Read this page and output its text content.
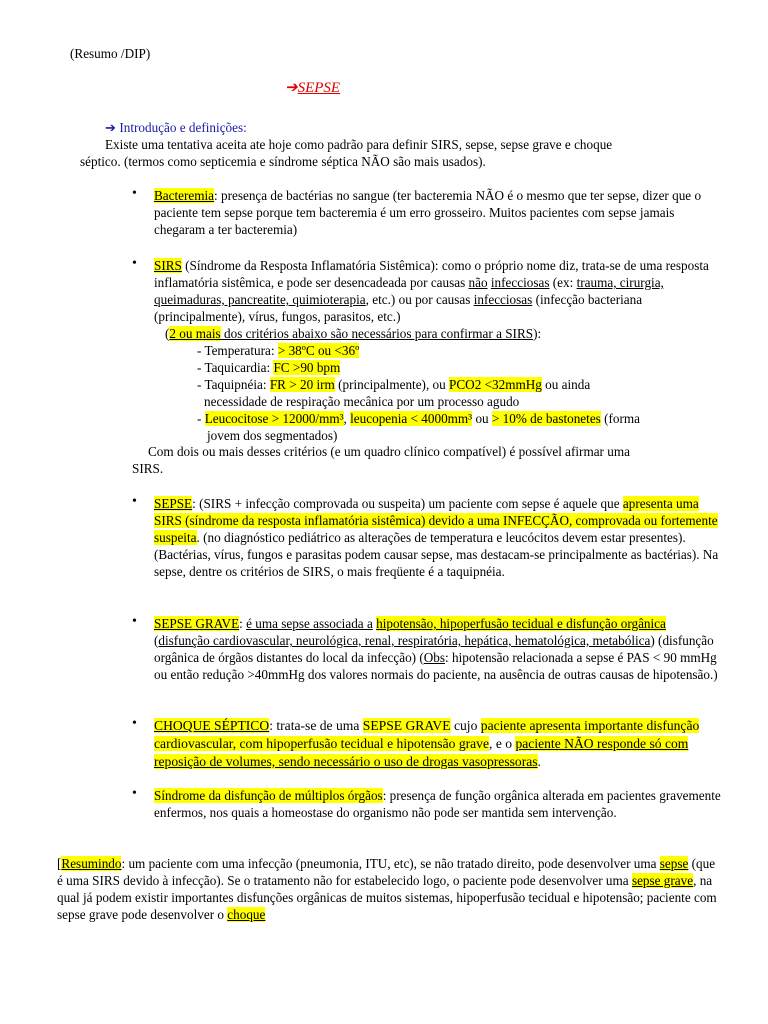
(Resumo /DIP)
➔SEPSE
➔ Introdução e definições:
Existe uma tentativa aceita ate hoje como padrão para definir SIRS, sepse, sepse grave e choque
séptico. (termos como septicemia e síndrome séptica NÃO são mais usados).
• Bacteremia: presença de bactérias no sangue (ter bacteremia NÃO é o mesmo que ter sepse, dizer que o paciente tem sepse porque tem bacteremia é um erro grosseiro. Muitos pacientes com sepse jamais chegaram a ter bacteremia)
• SIRS (Síndrome da Resposta Inflamatória Sistêmica): como o próprio nome diz, trata-se de uma resposta inflamatória sistêmica, e pode ser desencadeada por causas não infecciosas (ex: trauma, cirurgia, queimaduras, pancreatite, quimioterapia, etc.) ou por causas infecciosas (infecção bacteriana (principalmente), vírus, fungos, parasitos, etc.)
(2 ou mais dos critérios abaixo são necessários para confirmar a SIRS):
- Temperatura: > 38ºC ou <36º
- Taquicardia: FC >90 bpm
- Taquipnéia: FR > 20 irm (principalmente), ou PCO2 <32mmHg ou ainda
necessidade de respiração mecânica por um processo agudo
- Leucocitose > 12000/mm³, leucopenia < 4000mm³ ou > 10% de bastonetes (forma
jovem dos segmentados)
Com dois ou mais desses critérios (e um quadro clínico compatível) é possível afirmar uma
SIRS.
• SEPSE: (SIRS + infecção comprovada ou suspeita) um paciente com sepse é aquele que apresenta uma SIRS (síndrome da resposta inflamatória sistêmica) devido a uma INFECÇÃO, comprovada ou fortemente suspeita. (no diagnóstico pediátrico as alterações de temperatura e leucócitos devem estar presentes). (Bactérias, vírus, fungos e parasitas podem causar sepse, mas destacam-se principalmente as bactérias). Na sepse, dentre os critérios de SIRS, o mais freqüente é a taquipnéia.
• SEPSE GRAVE: é uma sepse associada a hipotensão, hipoperfusão tecidual e disfunção orgânica (disfunção cardiovascular, neurológica, renal, respiratória, hepática, hematológica, metabólica) (disfunção orgânica de órgãos distantes do local da infecção) (Obs: hipotensão relacionada a sepse é PAS < 90 mmHg ou então redução >40mmHg dos valores normais do paciente, na ausência de outras causas de hipotensão.)
• CHOQUE SÉPTICO: trata-se de uma SEPSE GRAVE cujo paciente apresenta importante disfunção cardiovascular, com hipoperfusão tecidual e hipotensão grave, e o paciente NÃO responde só com reposição de volumes, sendo necessário o uso de drogas vasopressoras.
• Síndrome da disfunção de múltiplos órgãos: presença de função orgânica alterada em pacientes gravemente enfermos, nos quais a homeostase do organismo não pode ser mantida sem intervenção.
[Resumindo: um paciente com uma infecção (pneumonia, ITU, etc), se não tratado direito, pode desenvolver uma sepse (que é uma SIRS devido à infecção). Se o tratamento não for estabelecido logo, o paciente pode desenvolver uma sepse grave, na qual já podem existir importantes disfunções orgânicas de muitos sistemas, hipoperfusão tecidual e hipotensão; paciente com sepse grave pode desenvolver o choque
